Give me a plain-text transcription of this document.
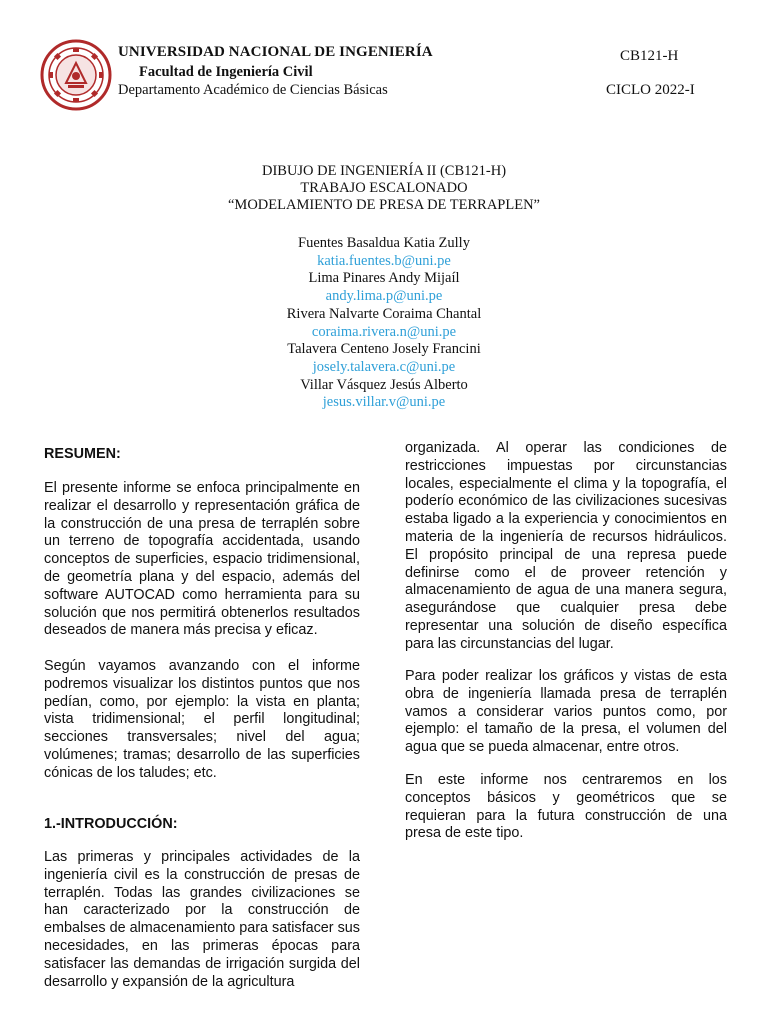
UNIVERSIDAD NACIONAL DE INGENIERÍA
Facultad de Ingeniería Civil
Departamento Académico de Ciencias Básicas
CB121-H
CICLO 2022-I
DIBUJO DE INGENIERÍA II (CB121-H)
TRABAJO ESCALONADO
“MODELAMIENTO DE PRESA DE TERRAPLEN”
Fuentes Basaldua Katia Zully
katia.fuentes.b@uni.pe
Lima Pinares Andy Mijaíl
andy.lima.p@uni.pe
Rivera Nalvarte Coraima Chantal
coraima.rivera.n@uni.pe
Talavera Centeno Josely Francini
josely.talavera.c@uni.pe
Villar Vásquez Jesús Alberto
jesus.villar.v@uni.pe
RESUMEN:

El presente informe se enfoca principalmente en realizar el desarrollo y representación gráfica de la construcción de una presa de terraplén sobre un terreno de topografía accidentada, usando conceptos de superficies, espacio tridimensional, de geometría plana y del espacio, además del software AUTOCAD como herramienta para su solución que nos permitirá obtenerlos resultados deseados de manera más precisa y eficaz.

Según vayamos avanzando con el informe podremos visualizar los distintos puntos que nos pedían, como, por ejemplo: la vista en planta; vista tridimensional; el perfil longitudinal; secciones transversales; nivel del agua; volúmenes; tramas; desarrollo de las superficies cónicas de los taludes; etc.

1.-INTRODUCCIÓN:

Las primeras y principales actividades de la ingeniería civil es la construcción de presas de terraplén. Todas las grandes civilizaciones se han caracterizado por la construcción de embalses de almacenamiento para satisfacer sus necesidades, en las primeras épocas para satisfacer las demandas de irrigación surgida del desarrollo y expansión de la agricultura

organizada. Al operar las condiciones de restricciones impuestas por circunstancias locales, especialmente el clima y la topografía, el poderío económico de las civilizaciones sucesivas estaba ligado a la experiencia y conocimientos en materia de la ingeniería de recursos hidráulicos. El propósito principal de una represa puede definirse como el de proveer retención y almacenamiento de agua de una manera segura, asegurándose que cualquier presa debe representar una solución de diseño específica para las circunstancias del lugar.

Para poder realizar los gráficos y vistas de esta obra de ingeniería llamada presa de terraplén vamos a considerar varios puntos como, por ejemplo: el tamaño de la presa, el volumen del agua que se pueda almacenar, entre otros.

En este informe nos centraremos en los conceptos básicos y geométricos que se requieran para la futura construcción de una presa de este tipo.
